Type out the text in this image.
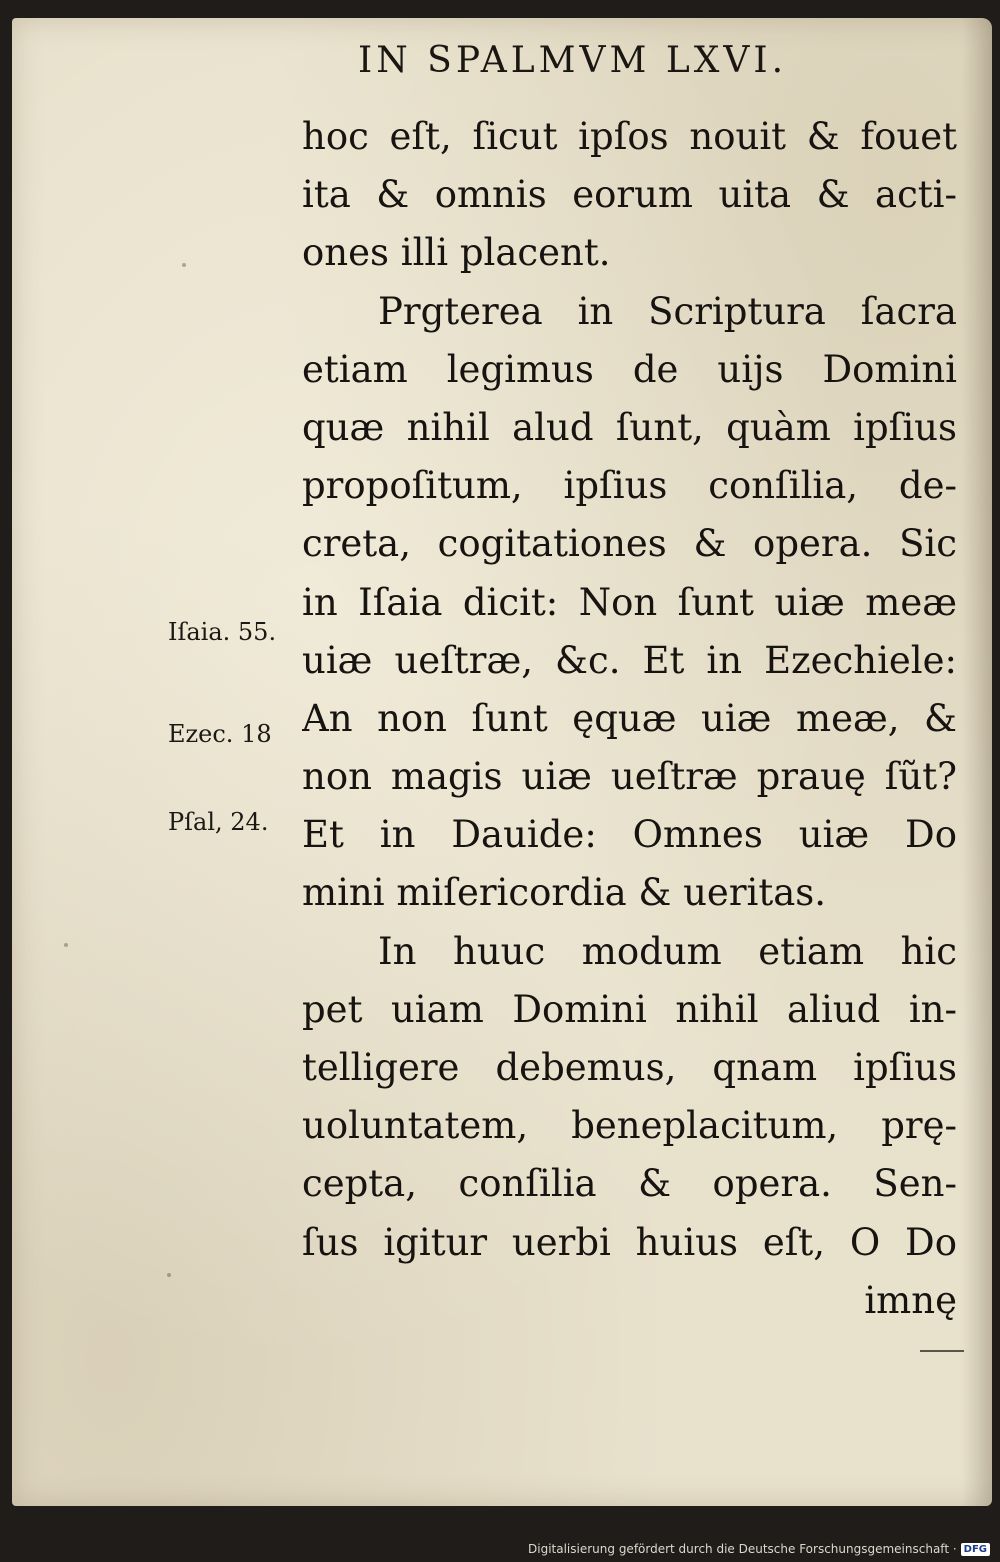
IN SPALMVM LXVI.
hoc eſt, ſicut ipſos nouit & fouet
ita & omnis eorum uita & acti-
ones illi placent.
Prgterea in Scriptura ſacra
etiam legimus de uijs Domini
quæ nihil alud ſunt, quàm ipſius
propoſitum, ipſius conſilia, de-
creta, cogitationes & opera. Sic
in Iſaia dicit: Non ſunt uiæ meæ
uiæ ueſtræ, &c. Et in Ezechiele:
An non ſunt ęquæ uiæ meæ, &
non magis uiæ ueſtræ prauę ſũt?
Et in Dauide: Omnes uiæ Do
mini miſericordia & ueritas.
In huuc modum etiam hic
pet uiam Domini nihil aliud in-
telligere debemus, qnam ipſius
uoluntatem, beneplacitum, prę-
cepta, conſilia & opera. Sen-
ſus igitur uerbi huius eſt, O Do
imnę
Iſaia. 55.
Ezec. 18
Pſal, 24.
Digitalisierung gefördert durch die Deutsche Forschungsgemeinschaft · DFG
